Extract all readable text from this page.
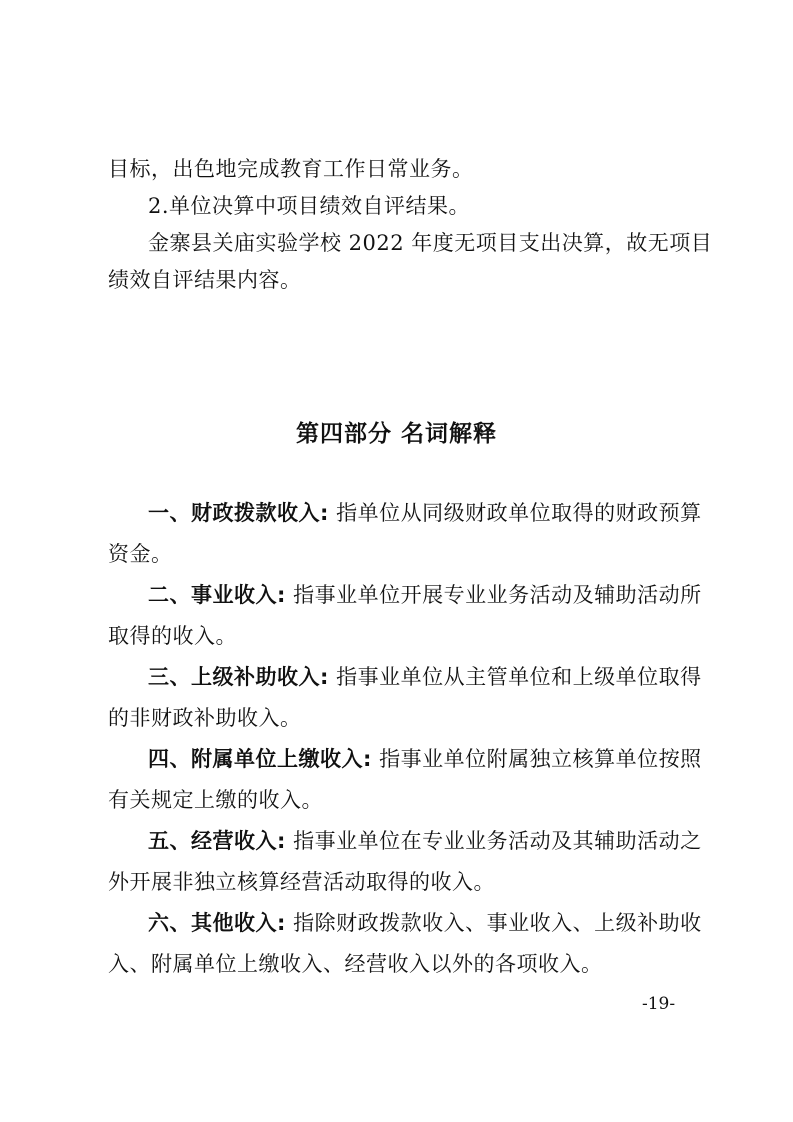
目标，出色地完成教育工作日常业务。
2.单位决算中项目绩效自评结果。
金寨县关庙实验学校 2022 年度无项目支出决算，故无项目
绩效自评结果内容。
第四部分 名词解释
一、财政拨款收入: 指单位从同级财政单位取得的财政预算
资金。
二、事业收入: 指事业单位开展专业业务活动及辅助活动所
取得的收入。
三、上级补助收入: 指事业单位从主管单位和上级单位取得
的非财政补助收入。
四、附属单位上缴收入: 指事业单位附属独立核算单位按照
有关规定上缴的收入。
五、经营收入: 指事业单位在专业业务活动及其辅助活动之
外开展非独立核算经营活动取得的收入。
六、其他收入: 指除财政拨款收入、事业收入、上级补助收
入、附属单位上缴收入、经营收入以外的各项收入。
-19-
